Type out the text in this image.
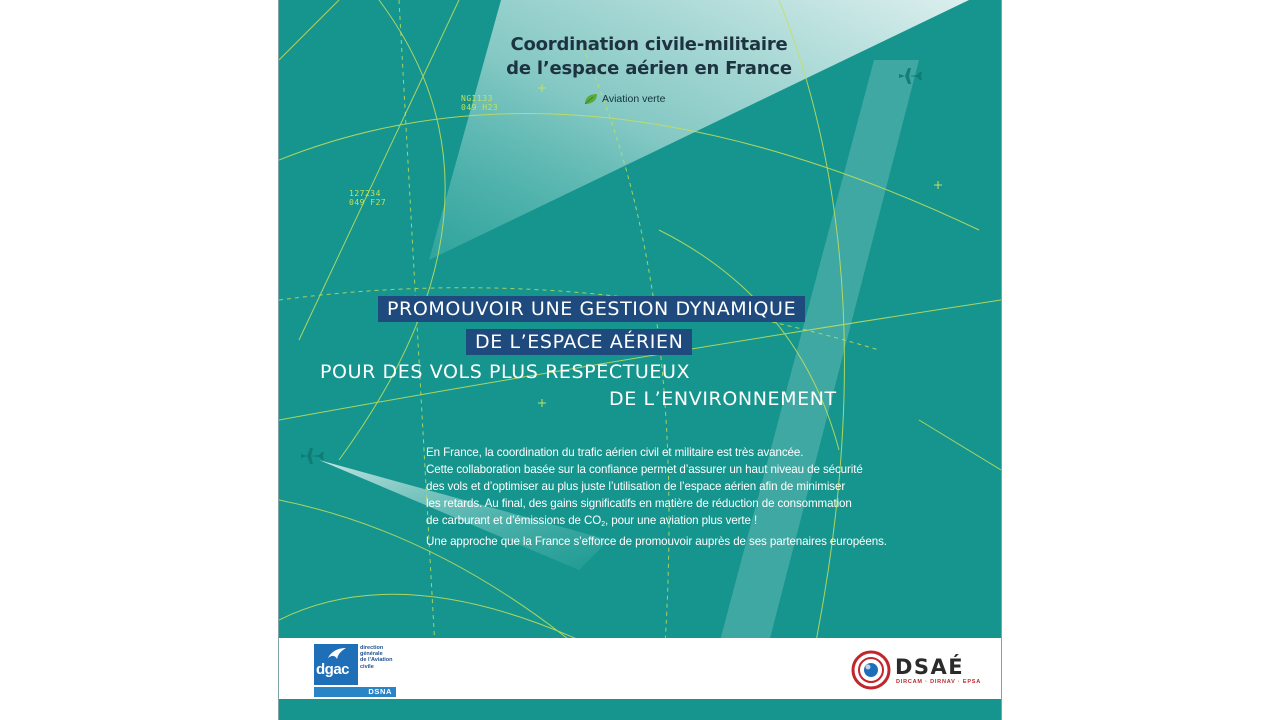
Coordination civile-militaire
de l’espace aérien en France
Aviation verte
NGI133
049 H23
127234
049 F27
PROMOUVOIR UNE GESTION DYNAMIQUE
DE L’ESPACE AÉRIEN
POUR DES VOLS PLUS RESPECTUEUX
DE L’ENVIRONNEMENT
En France, la coordination du trafic aérien civil et militaire est très avancée.
Cette collaboration basée sur la confiance permet d’assurer un haut niveau de sécurité
des vols et d’optimiser au plus juste l’utilisation de l’espace aérien afin de minimiser
les retards. Au final, des gains significatifs en matière de réduction de consommation
de carburant et d’émissions de $CO_2$, pour une aviation plus verte !
Une approche que la France s’efforce de promouvoir auprès de ses partenaires européens.
dgac
direction
générale
de l’Aviation
civile
DSNA
DSAÉ
DIRCAM · DIRNAV · EPSA
